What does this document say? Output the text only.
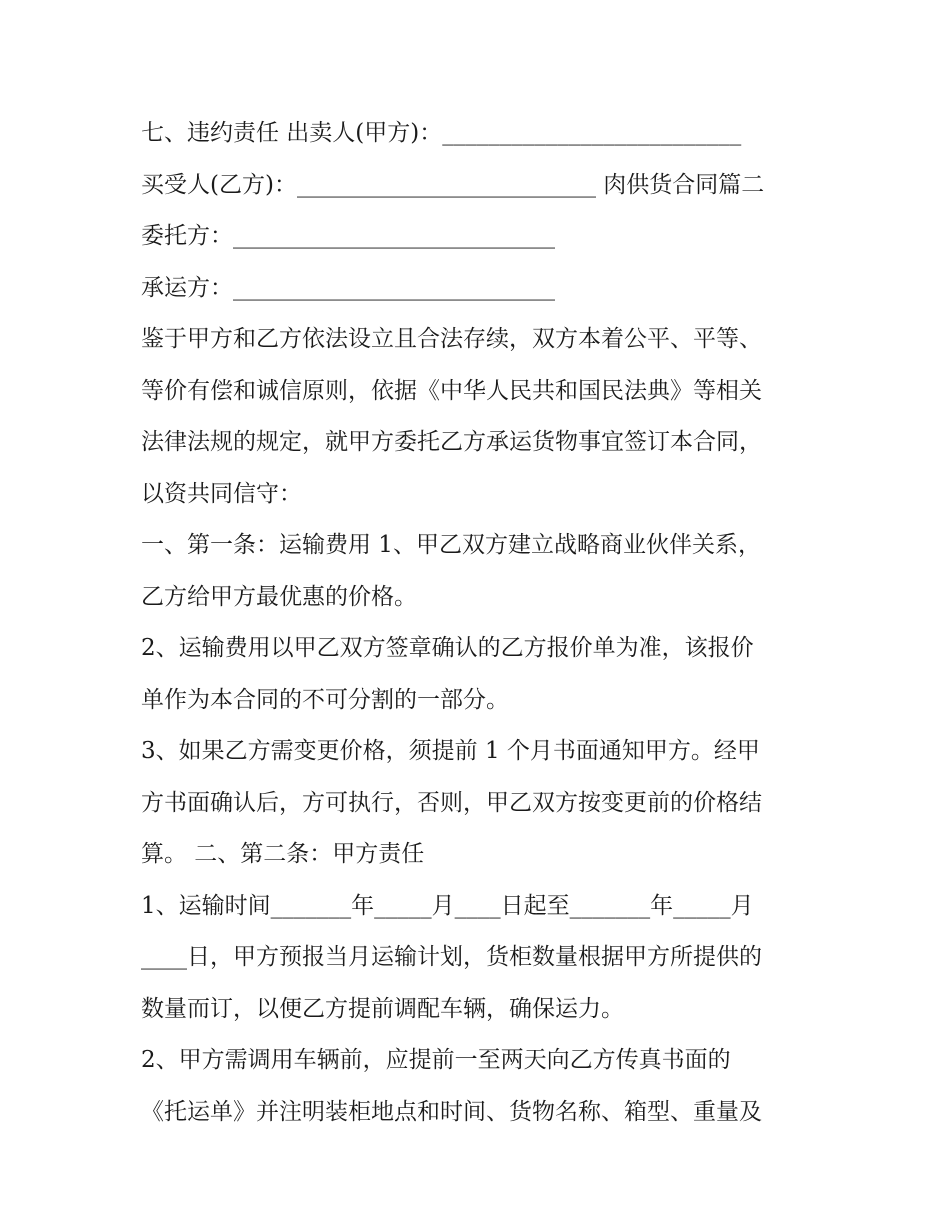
七、违约责任 出卖人(甲方)：__________________________
买受人(乙方)：__________________________ 肉供货合同篇二
委托方：____________________________
承运方：____________________________
鉴于甲方和乙方依法设立且合法存续，双方本着公平、平等、
等价有偿和诚信原则，依据《中华人民共和国民法典》等相关
法律法规的规定，就甲方委托乙方承运货物事宜签订本合同，
以资共同信守：
一、第一条：运输费用 1、甲乙双方建立战略商业伙伴关系，
乙方给甲方最优惠的价格。
2、运输费用以甲乙双方签章确认的乙方报价单为准，该报价
单作为本合同的不可分割的一部分。
3、如果乙方需变更价格，须提前 1 个月书面通知甲方。经甲
方书面确认后，方可执行，否则，甲乙双方按变更前的价格结
算。 二、第二条：甲方责任
1、运输时间_______年_____月____日起至_______年_____月
____日，甲方预报当月运输计划，货柜数量根据甲方所提供的
数量而订，以便乙方提前调配车辆，确保运力。
2、甲方需调用车辆前，应提前一至两天向乙方传真书面的
《托运单》并注明装柜地点和时间、货物名称、箱型、重量及
